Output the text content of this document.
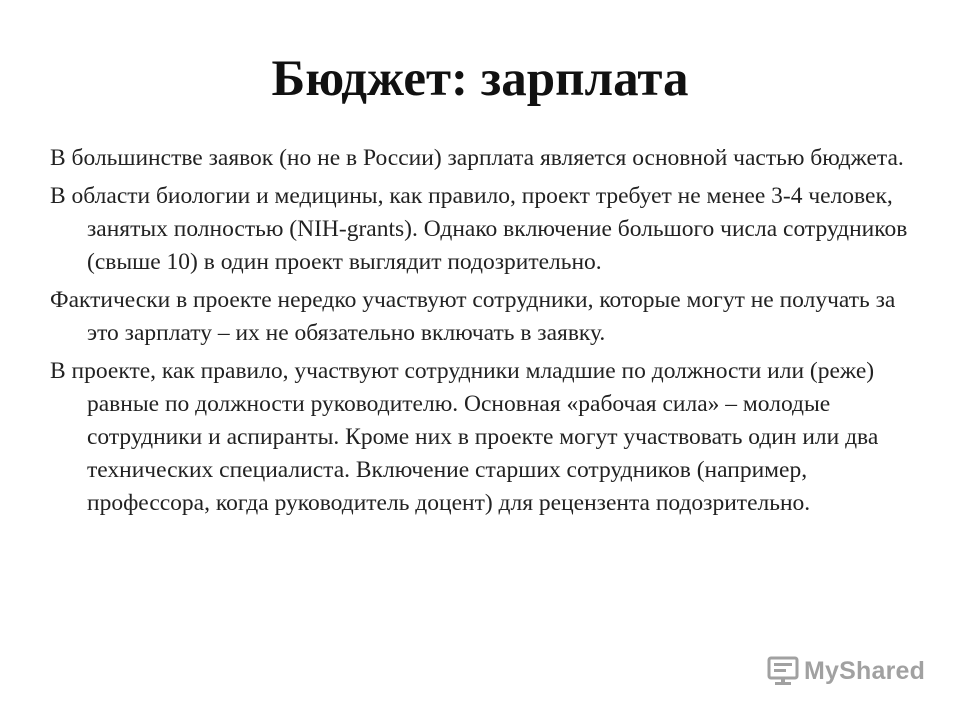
Бюджет: зарплата

В большинстве заявок (но не в России) зарплата является основной частью бюджета.

В области биологии и медицины, как правило, проект требует не менее 3-4 человек, занятых полностью (NIH-grants). Однако включение большого числа сотрудников (свыше 10) в один проект выглядит подозрительно.

Фактически в проекте нередко участвуют сотрудники, которые могут не получать за это зарплату – их не обязательно включать в заявку.

В проекте, как правило, участвуют сотрудники младшие по должности или (реже) равные по должности руководителю. Основная «рабочая сила» – молодые сотрудники и аспиранты. Кроме них в проекте могут участвовать один или два технических специалиста. Включение старших сотрудников (например, профессора, когда руководитель доцент) для рецензента подозрительно.

MyShared
